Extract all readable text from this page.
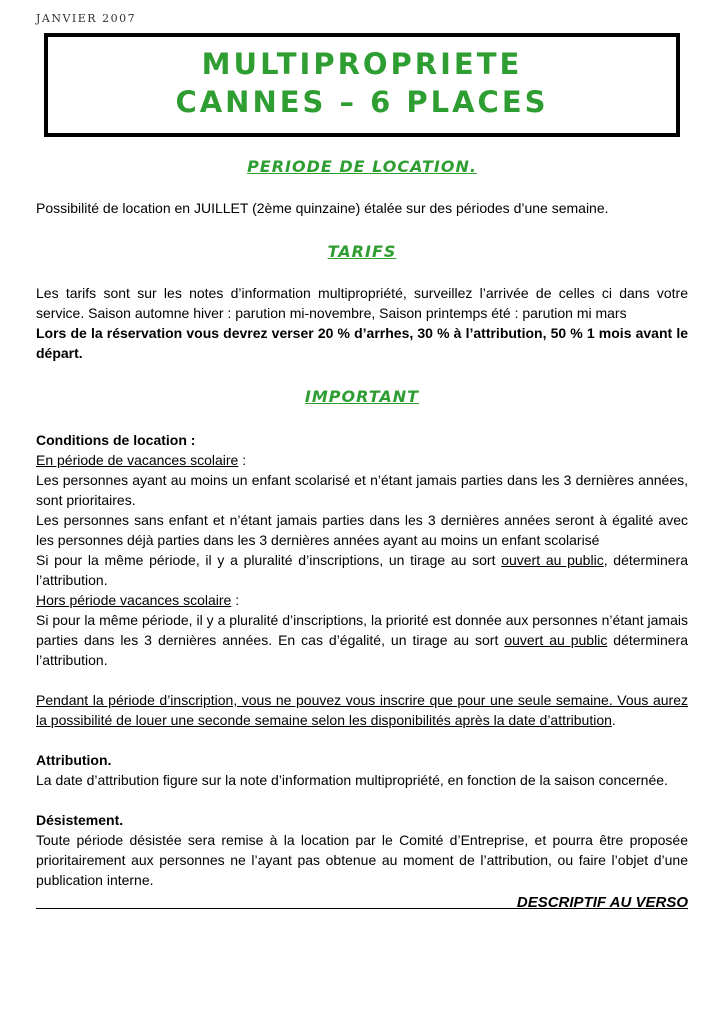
JANVIER 2007
MULTIPROPRIETE
CANNES – 6 PLACES
PERIODE DE LOCATION.

Possibilité de location en JUILLET (2ème quinzaine) étalée sur des périodes d’une semaine.

TARIFS

Les tarifs sont sur les notes d’information multipropriété, surveillez l’arrivée de celles ci dans votre service. Saison automne hiver : parution mi-novembre, Saison printemps été : parution mi mars

Lors de la réservation vous devrez verser 20 % d’arrhes, 30 % à l’attribution, 50 % 1 mois avant le départ.

IMPORTANT

Conditions de location :

En période de vacances scolaire :

Les personnes ayant au moins un enfant scolarisé et n’étant jamais parties dans les 3 dernières années, sont prioritaires.

Les personnes sans enfant et n’étant jamais parties dans les 3 dernières années seront à égalité avec les personnes déjà parties dans les 3 dernières années ayant au moins un enfant scolarisé

Si pour la même période, il y a pluralité d’inscriptions, un tirage au sort ouvert au public, déterminera l’attribution.

Hors période vacances scolaire :

Si pour la même période, il y a pluralité d’inscriptions, la priorité est donnée aux personnes n’étant jamais parties dans les 3 dernières années. En cas d’égalité, un tirage au sort ouvert au public déterminera l’attribution.

Pendant la période d’inscription, vous ne pouvez vous inscrire que pour une seule semaine. Vous aurez la possibilité de louer une seconde semaine selon les disponibilités après la date d’attribution.

Attribution.

La date d’attribution figure sur la note d’information multipropriété, en fonction de la saison concernée.

Désistement.

Toute période désistée sera remise à la location par le Comité d’Entreprise, et pourra être proposée prioritairement aux personnes ne l’ayant pas obtenue au moment de l’attribution, ou faire l’objet d’une publication interne.

DESCRIPTIF AU VERSO
